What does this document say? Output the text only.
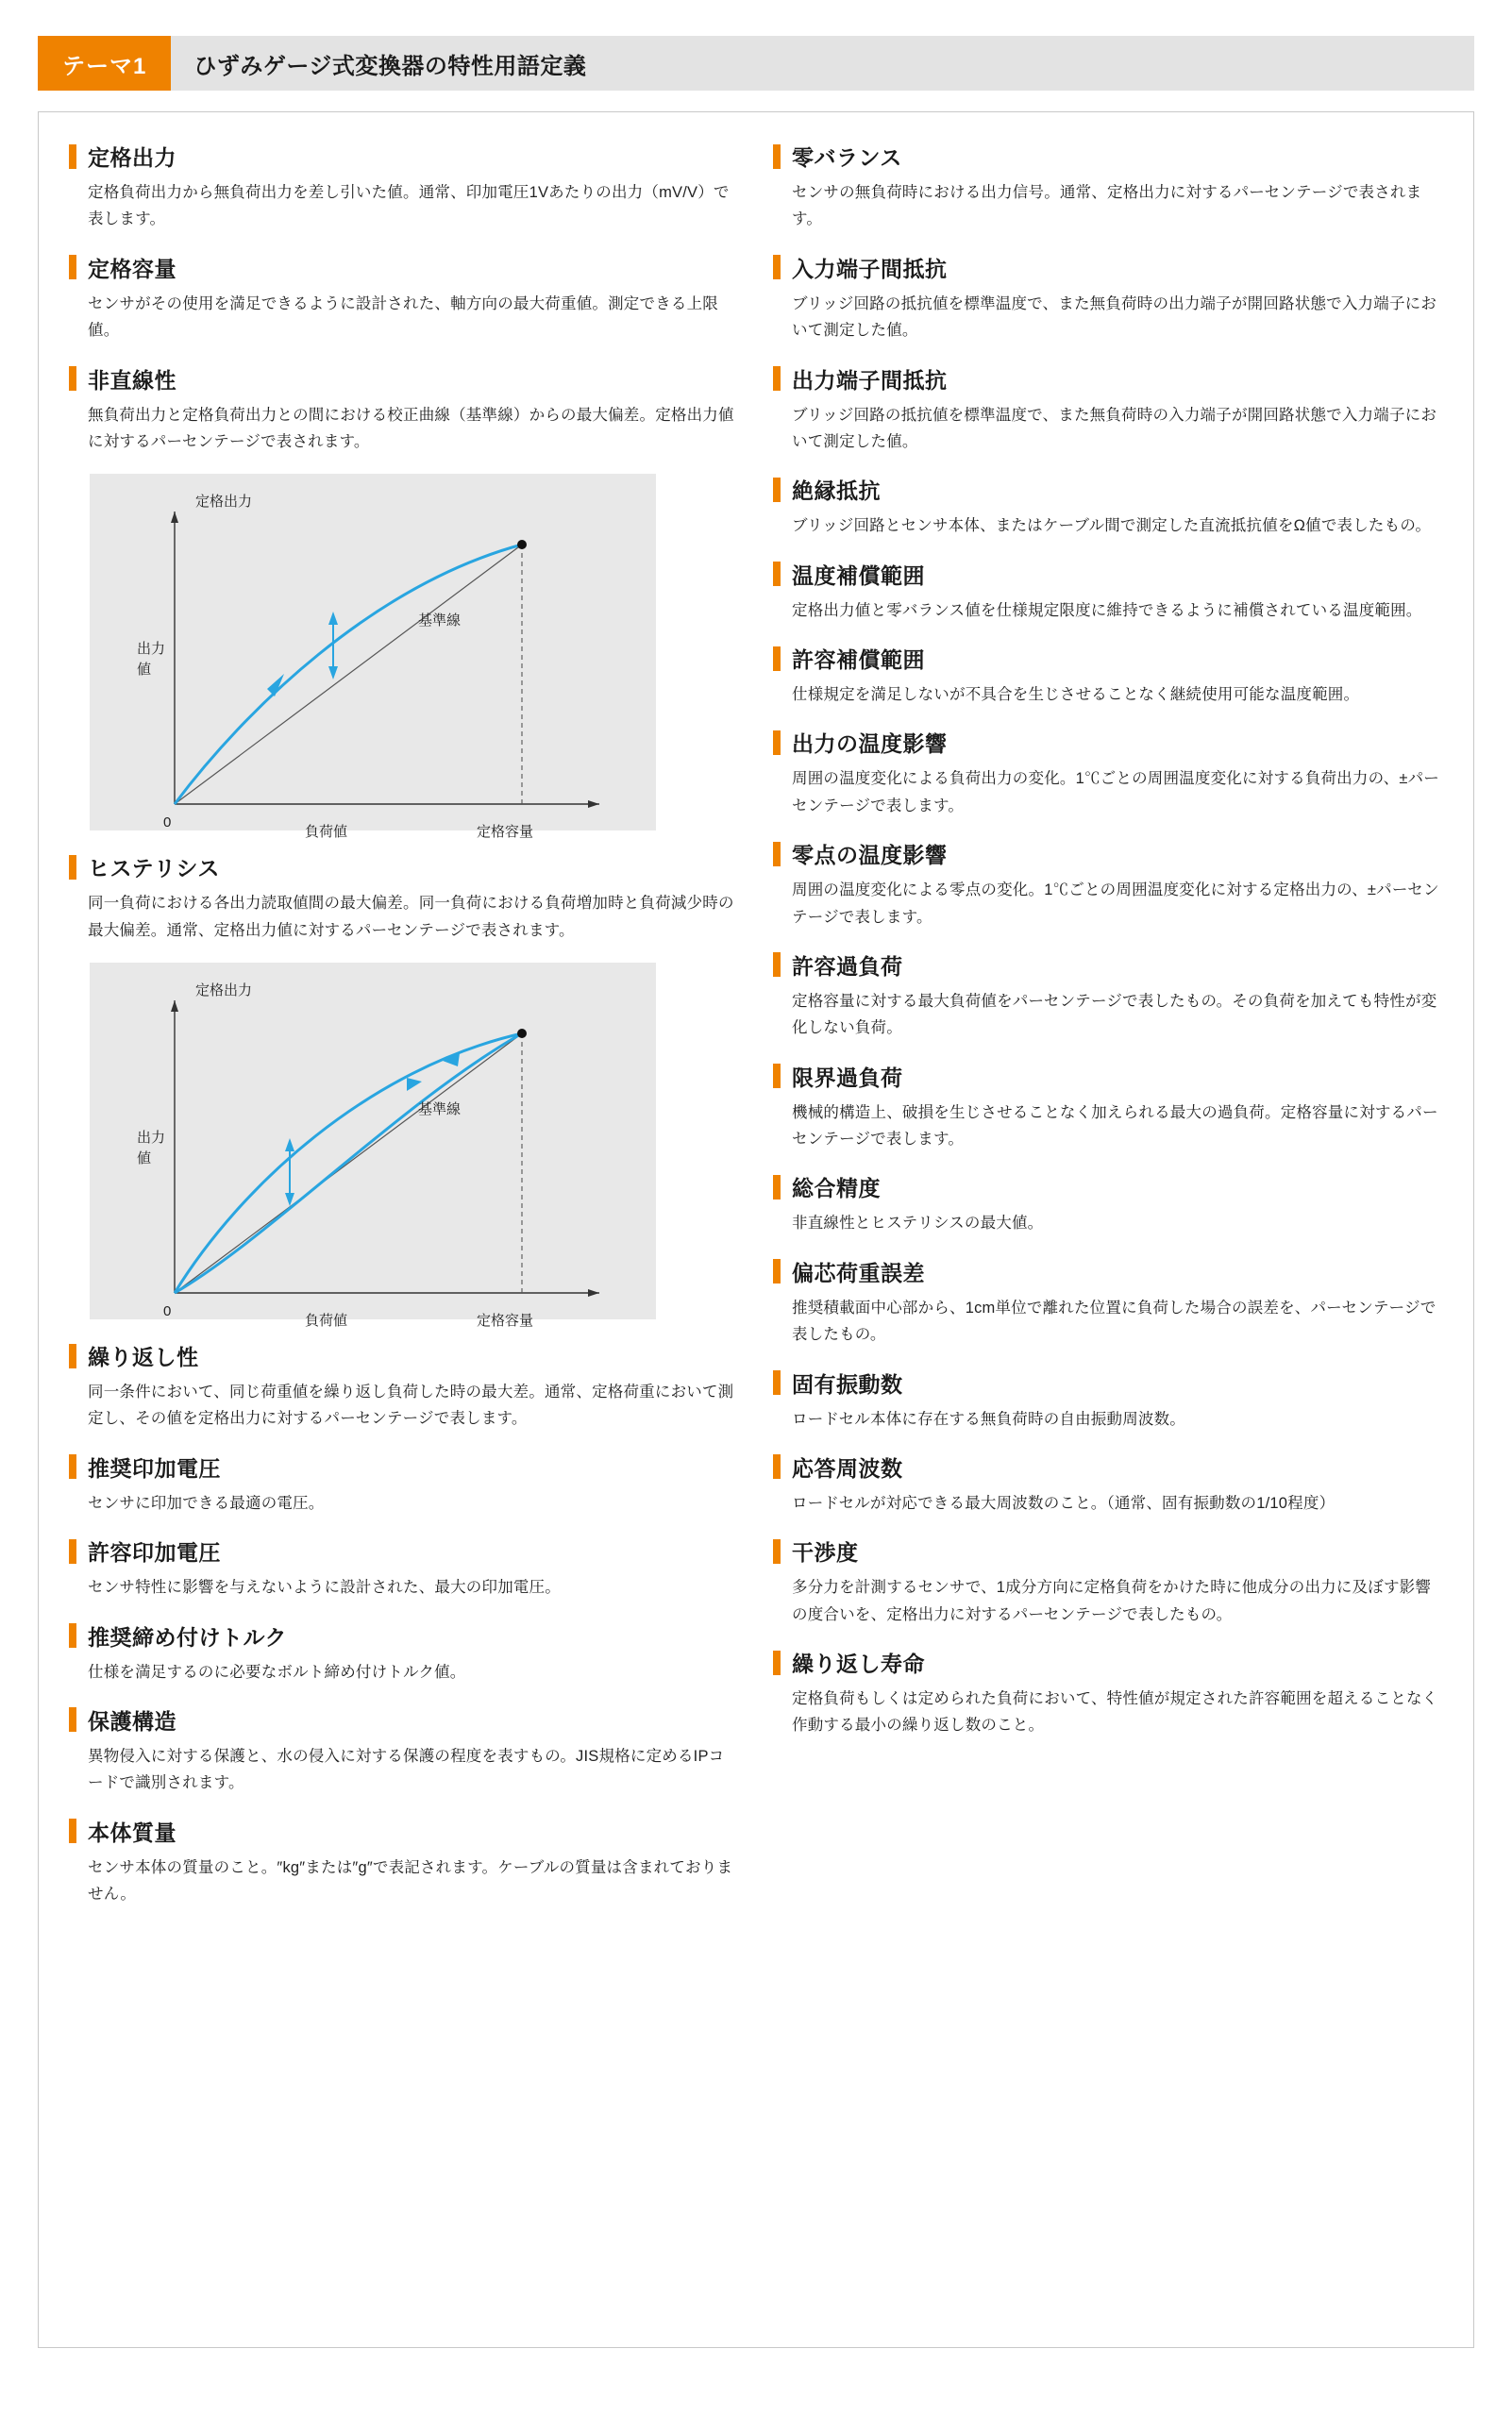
テーマ1	ひずみゲージ式変換器の特性用語定義
定格出力

定格負荷出力から無負荷出力を差し引いた値。通常、印加電圧1Vあたりの出力（mV/V）で表します。

定格容量

センサがその使用を満足できるように設計された、軸方向の最大荷重値。測定できる上限値。

非直線性

無負荷出力と定格負荷出力との間における校正曲線（基準線）からの最大偏差。定格出力値に対するパーセンテージで表されます。

定格出力
出力
値
負荷値
0
定格容量
基準線
ヒステリシス

同一負荷における各出力読取値間の最大偏差。同一負荷における負荷増加時と負荷減少時の最大偏差。通常、定格出力値に対するパーセンテージで表されます。

定格出力
出力
値
負荷値
0
定格容量
基準線
繰り返し性

同一条件において、同じ荷重値を繰り返し負荷した時の最大差。通常、定格荷重において測定し、その値を定格出力に対するパーセンテージで表します。

推奨印加電圧

センサに印加できる最適の電圧。

許容印加電圧

センサ特性に影響を与えないように設計された、最大の印加電圧。

推奨締め付けトルク

仕様を満足するのに必要なボルト締め付けトルク値。

保護構造

異物侵入に対する保護と、水の侵入に対する保護の程度を表すもの。JIS規格に定めるIPコードで識別されます。

本体質量

センサ本体の質量のこと。″kg″または″g″で表記されます。ケーブルの質量は含まれておりません。

零バランス

センサの無負荷時における出力信号。通常、定格出力に対するパーセンテージで表されます。

入力端子間抵抗

ブリッジ回路の抵抗値を標準温度で、また無負荷時の出力端子が開回路状態で入力端子において測定した値。

出力端子間抵抗

ブリッジ回路の抵抗値を標準温度で、また無負荷時の入力端子が開回路状態で入力端子において測定した値。

絶縁抵抗

ブリッジ回路とセンサ本体、またはケーブル間で測定した直流抵抗値をΩ値で表したもの。

温度補償範囲

定格出力値と零バランス値を仕様規定限度に維持できるように補償されている温度範囲。

許容補償範囲

仕様規定を満足しないが不具合を生じさせることなく継続使用可能な温度範囲。

出力の温度影響

周囲の温度変化による負荷出力の変化。1℃ごとの周囲温度変化に対する負荷出力の、±パーセンテージで表します。

零点の温度影響

周囲の温度変化による零点の変化。1℃ごとの周囲温度変化に対する定格出力の、±パーセンテージで表します。

許容過負荷

定格容量に対する最大負荷値をパーセンテージで表したもの。その負荷を加えても特性が変化しない負荷。

限界過負荷

機械的構造上、破損を生じさせることなく加えられる最大の過負荷。定格容量に対するパーセンテージで表します。

総合精度

非直線性とヒステリシスの最大値。

偏芯荷重誤差

推奨積載面中心部から、1cm単位で離れた位置に負荷した場合の誤差を、パーセンテージで表したもの。

固有振動数

ロードセル本体に存在する無負荷時の自由振動周波数。

応答周波数

ロードセルが対応できる最大周波数のこと。（通常、固有振動数の1/10程度）

干渉度

多分力を計測するセンサで、1成分方向に定格負荷をかけた時に他成分の出力に及ぼす影響の度合いを、定格出力に対するパーセンテージで表したもの。

繰り返し寿命

定格負荷もしくは定められた負荷において、特性値が規定された許容範囲を超えることなく作動する最小の繰り返し数のこと。
